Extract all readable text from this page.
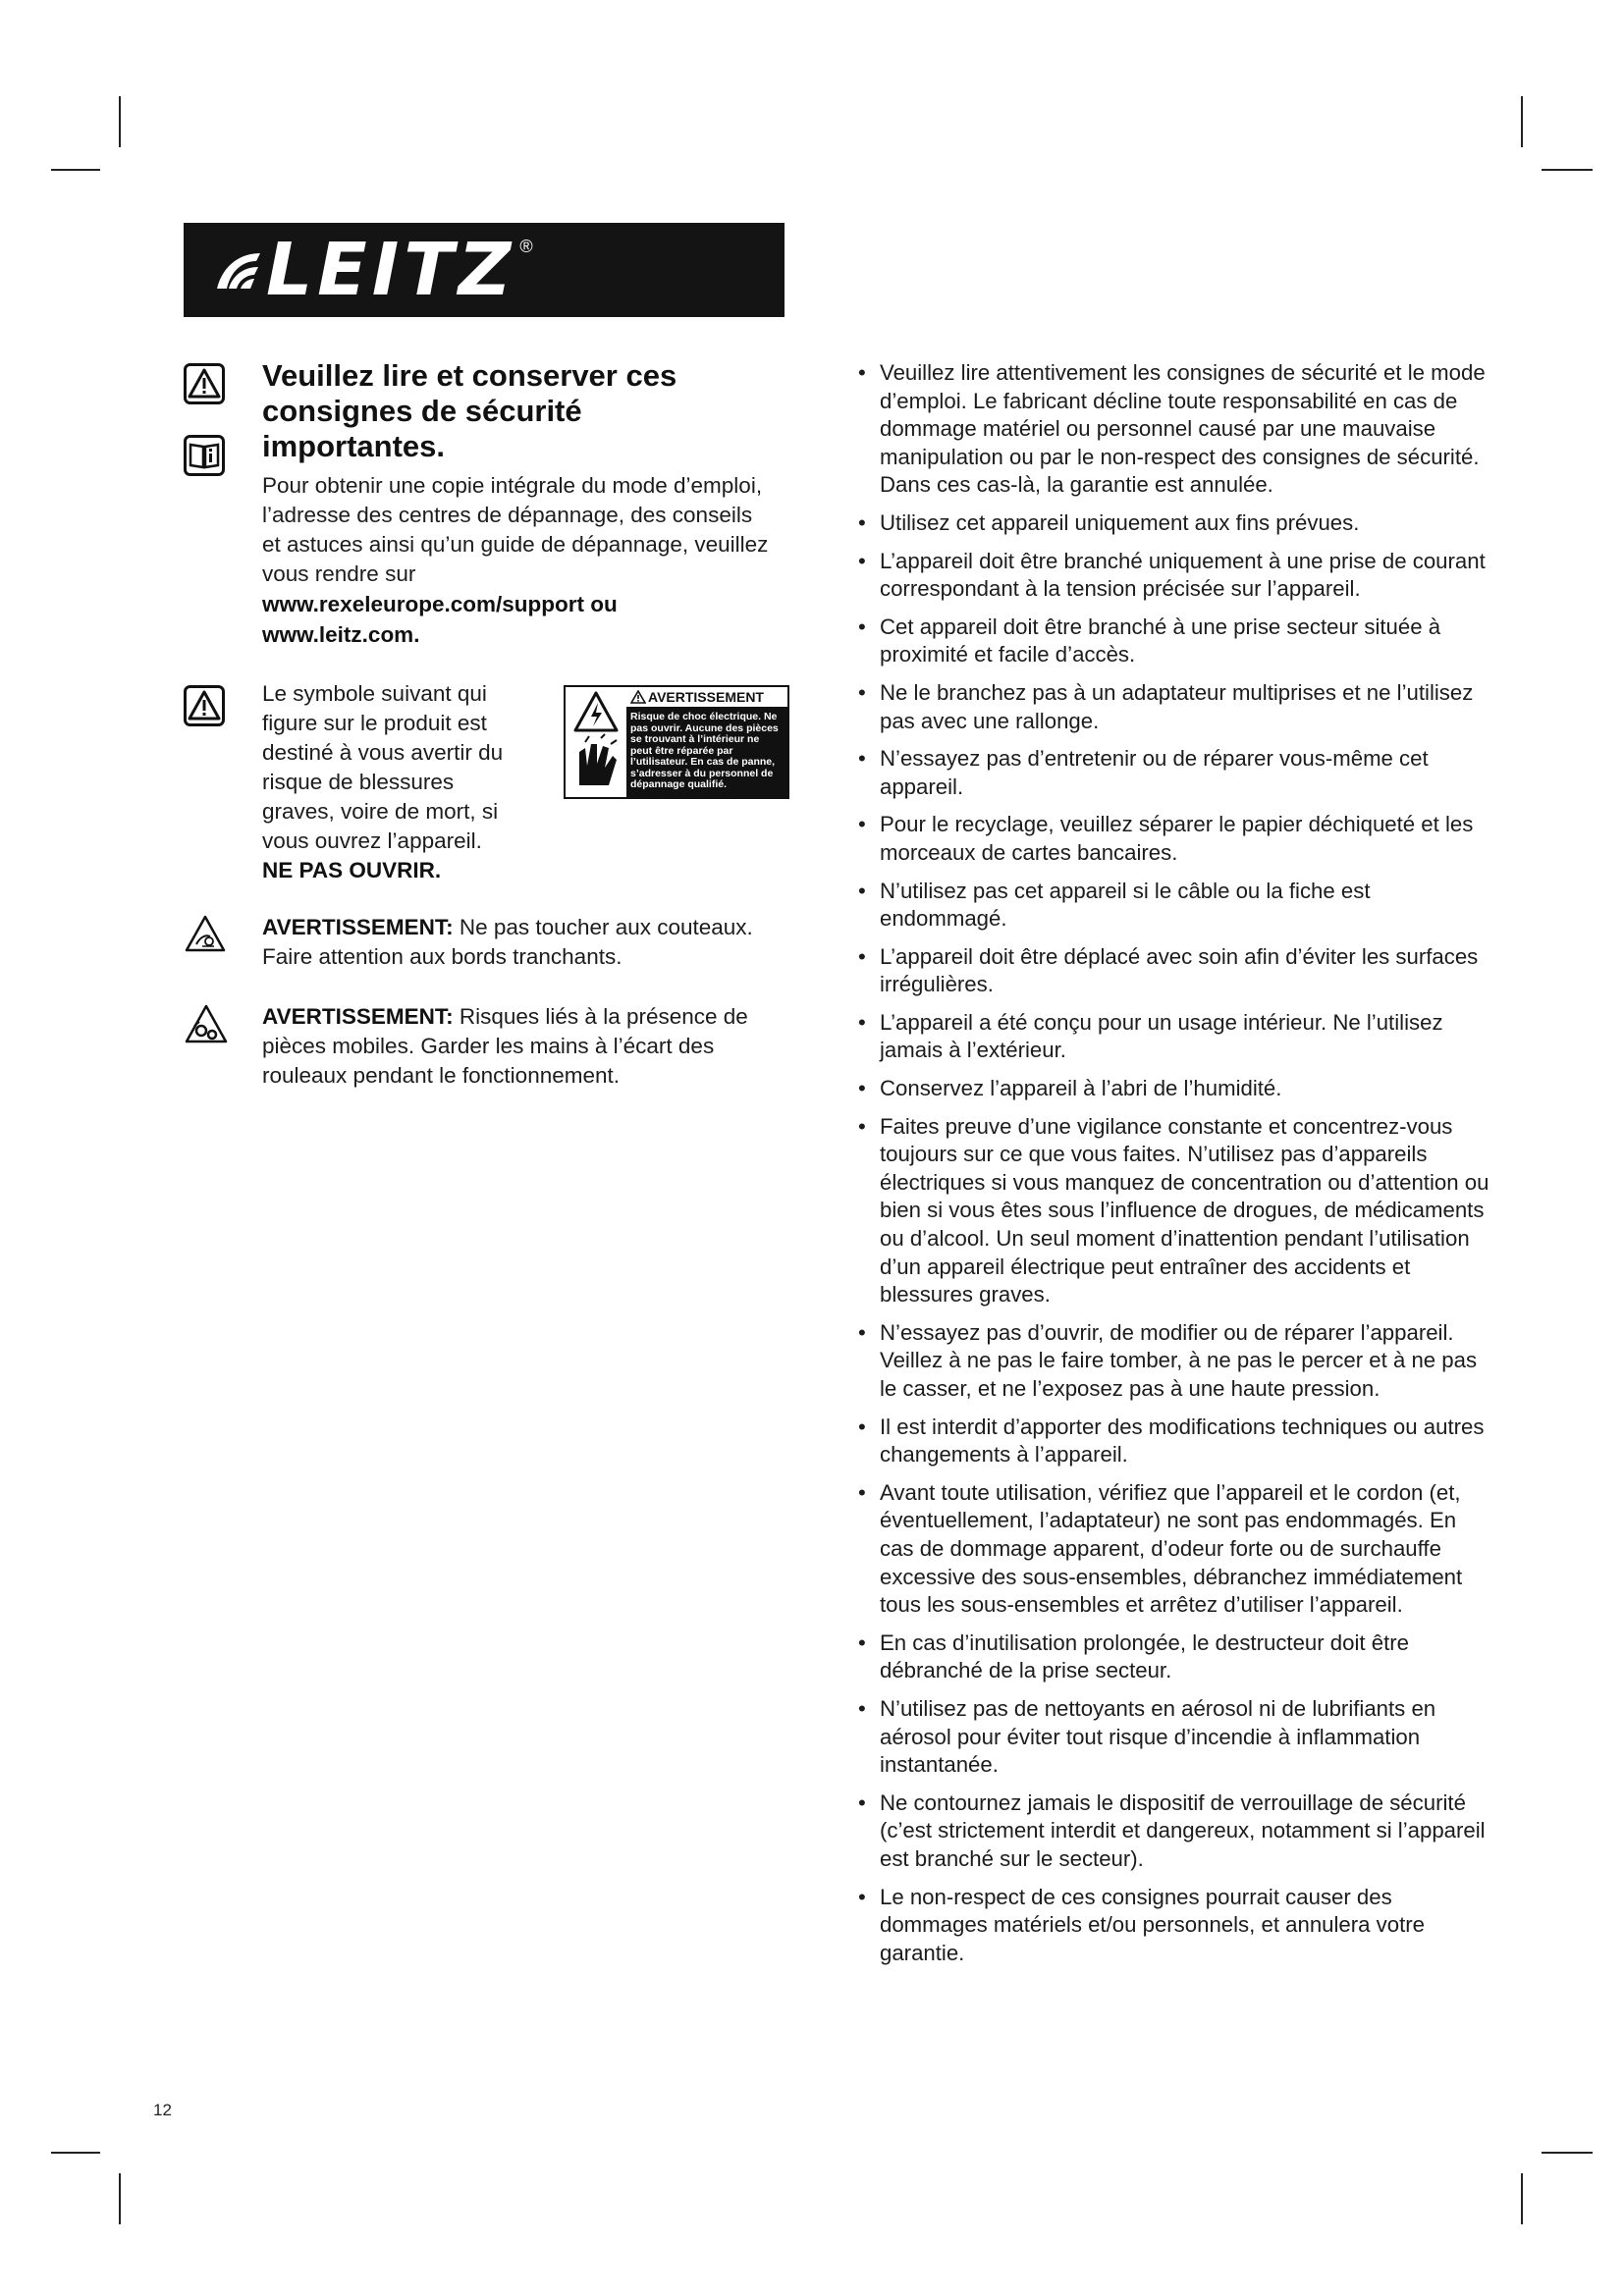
LEITZ ®
Veuillez lire et conserver ces consignes de sécurité importantes.
Pour obtenir une copie intégrale du mode d’emploi, l’adresse des centres de dépannage, des conseils et astuces ainsi qu’un guide de dépannage, veuillez vous rendre sur
www.rexeleurope.com/support ou
www.leitz.com.
Le symbole suivant qui figure sur le produit est destiné à vous avertir du risque de blessures graves, voire de mort, si vous ouvrez l’appareil.
NE PAS OUVRIR.
AVERTISSEMENT
Risque de choc électrique. Ne pas ouvrir. Aucune des pièces se trouvant à l’intérieur ne peut être réparée par l’utilisateur. En cas de panne, s’adresser à du personnel de dépannage qualifié.
AVERTISSEMENT: Ne pas toucher aux couteaux. Faire attention aux bords tranchants.
AVERTISSEMENT: Risques liés à la présence de pièces mobiles. Garder les mains à l’écart des rouleaux pendant le fonctionnement.
• Veuillez lire attentivement les consignes de sécurité et le mode d’emploi. Le fabricant décline toute responsabilité en cas de dommage matériel ou personnel causé par une mauvaise manipulation ou par le non-respect des consignes de sécurité. Dans ces cas-là, la garantie est annulée.
• Utilisez cet appareil uniquement aux fins prévues.
• L’appareil doit être branché uniquement à une prise de courant correspondant à la tension précisée sur l’appareil.
• Cet appareil doit être branché à une prise secteur située à proximité et facile d’accès.
• Ne le branchez pas à un adaptateur multiprises et ne l’utilisez pas avec une rallonge.
• N’essayez pas d’entretenir ou de réparer vous-même cet appareil.
• Pour le recyclage, veuillez séparer le papier déchiqueté et les morceaux de cartes bancaires.
• N’utilisez pas cet appareil si le câble ou la fiche est endommagé.
• L’appareil doit être déplacé avec soin afin d’éviter les surfaces irrégulières.
• L’appareil a été conçu pour un usage intérieur. Ne l’utilisez jamais à l’extérieur.
• Conservez l’appareil à l’abri de l’humidité.
• Faites preuve d’une vigilance constante et concentrez-vous toujours sur ce que vous faites. N’utilisez pas d’appareils électriques si vous manquez de concentration ou d’attention ou bien si vous êtes sous l’influence de drogues, de médicaments ou d’alcool. Un seul moment d’inattention pendant l’utilisation d’un appareil électrique peut entraîner des accidents et blessures graves.
• N’essayez pas d’ouvrir, de modifier ou de réparer l’appareil. Veillez à ne pas le faire tomber, à ne pas le percer et à ne pas le casser, et ne l’exposez pas à une haute pression.
• Il est interdit d’apporter des modifications techniques ou autres changements à l’appareil.
• Avant toute utilisation, vérifiez que l’appareil et le cordon (et, éventuellement, l’adaptateur) ne sont pas endommagés. En cas de dommage apparent, d’odeur forte ou de surchauffe excessive des sous-ensembles, débranchez immédiatement tous les sous-ensembles et arrêtez d’utiliser l’appareil.
• En cas d’inutilisation prolongée, le destructeur doit être débranché de la prise secteur.
• N’utilisez pas de nettoyants en aérosol ni de lubrifiants en aérosol pour éviter tout risque d’incendie à inflammation instantanée.
• Ne contournez jamais le dispositif de verrouillage de sécurité (c’est strictement interdit et dangereux, notamment si l’appareil est branché sur le secteur).
• Le non-respect de ces consignes pourrait causer des dommages matériels et/ou personnels, et annulera votre garantie.
12
